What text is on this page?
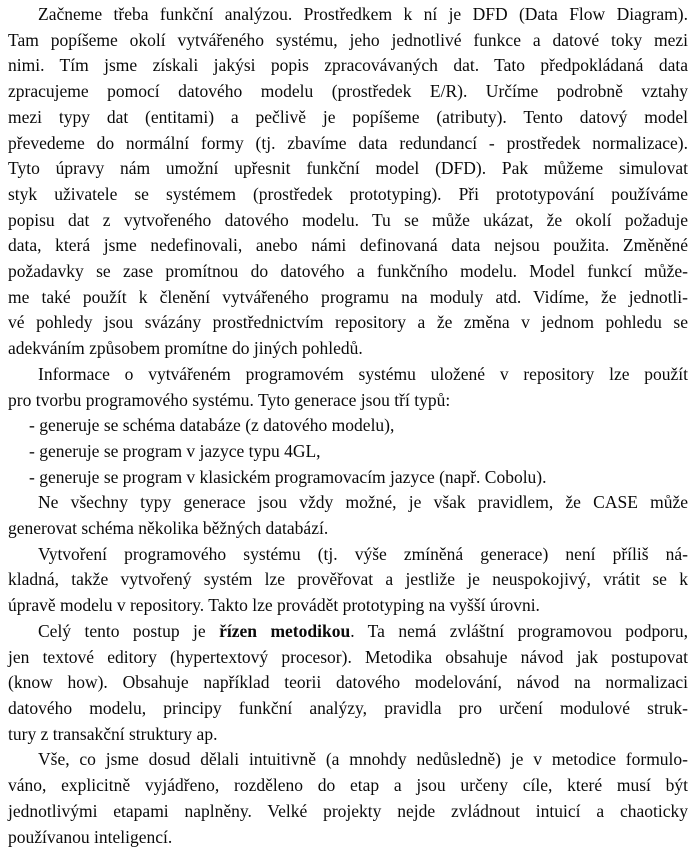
Začneme třeba funkční analýzou. Prostředkem k ní je DFD (Data Flow Diagram).
Tam popíšeme okolí vytvářeného systému, jeho jednotlivé funkce a datové toky mezi
nimi. Tím jsme získali jakýsi popis zpracovávaných dat. Tato předpokládaná data
zpracujeme pomocí datového modelu (prostředek E/R). Určíme podrobně vztahy
mezi typy dat (entitami) a pečlivě je popíšeme (atributy). Tento datový model
převedeme do normální formy (tj. zbavíme data redundancí - prostředek normalizace).
Tyto úpravy nám umožní upřesnit funkční model (DFD). Pak můžeme simulovat
styk uživatele se systémem (prostředek prototyping). Při prototypování používáme
popisu dat z vytvořeného datového modelu. Tu se může ukázat, že okolí požaduje
data, která jsme nedefinovali, anebo námi definovaná data nejsou použita. Změněné
požadavky se zase promítnou do datového a funkčního modelu. Model funkcí může-
me také použít k členění vytvářeného programu na moduly atd. Vidíme, že jednotli-
vé pohledy jsou svázány prostřednictvím repository a že změna v jednom pohledu se
adekváním způsobem promítne do jiných pohledů.
Informace o vytvářeném programovém systému uložené v repository lze použít
pro tvorbu programového systému. Tyto generace jsou tří typů:
- generuje se schéma databáze (z datového modelu),
- generuje se program v jazyce typu 4GL,
- generuje se program v klasickém programovacím jazyce (např. Cobolu).
Ne všechny typy generace jsou vždy možné, je však pravidlem, že CASE může
generovat schéma několika běžných databází.
Vytvoření programového systému (tj. výše zmíněná generace) není příliš ná-
kladná, takže vytvořený systém lze prověřovat a jestliže je neuspokojivý, vrátit se k
úpravě modelu v repository. Takto lze provádět prototyping na vyšší úrovni.
Celý tento postup je řízen metodikou. Ta nemá zvláštní programovou podporu,
jen textové editory (hypertextový procesor). Metodika obsahuje návod jak postupovat
(know how). Obsahuje například teorii datového modelování, návod na normalizaci
datového modelu, principy funkční analýzy, pravidla pro určení modulové struk-
tury z transakční struktury ap.
Vše, co jsme dosud dělali intuitivně (a mnohdy nedůsledně) je v metodice formulo-
váno, explicitně vyjádřeno, rozděleno do etap a jsou určeny cíle, které musí být
jednotlivými etapami naplněny. Velké projekty nejde zvládnout intuicí a chaoticky
používanou inteligencí.
